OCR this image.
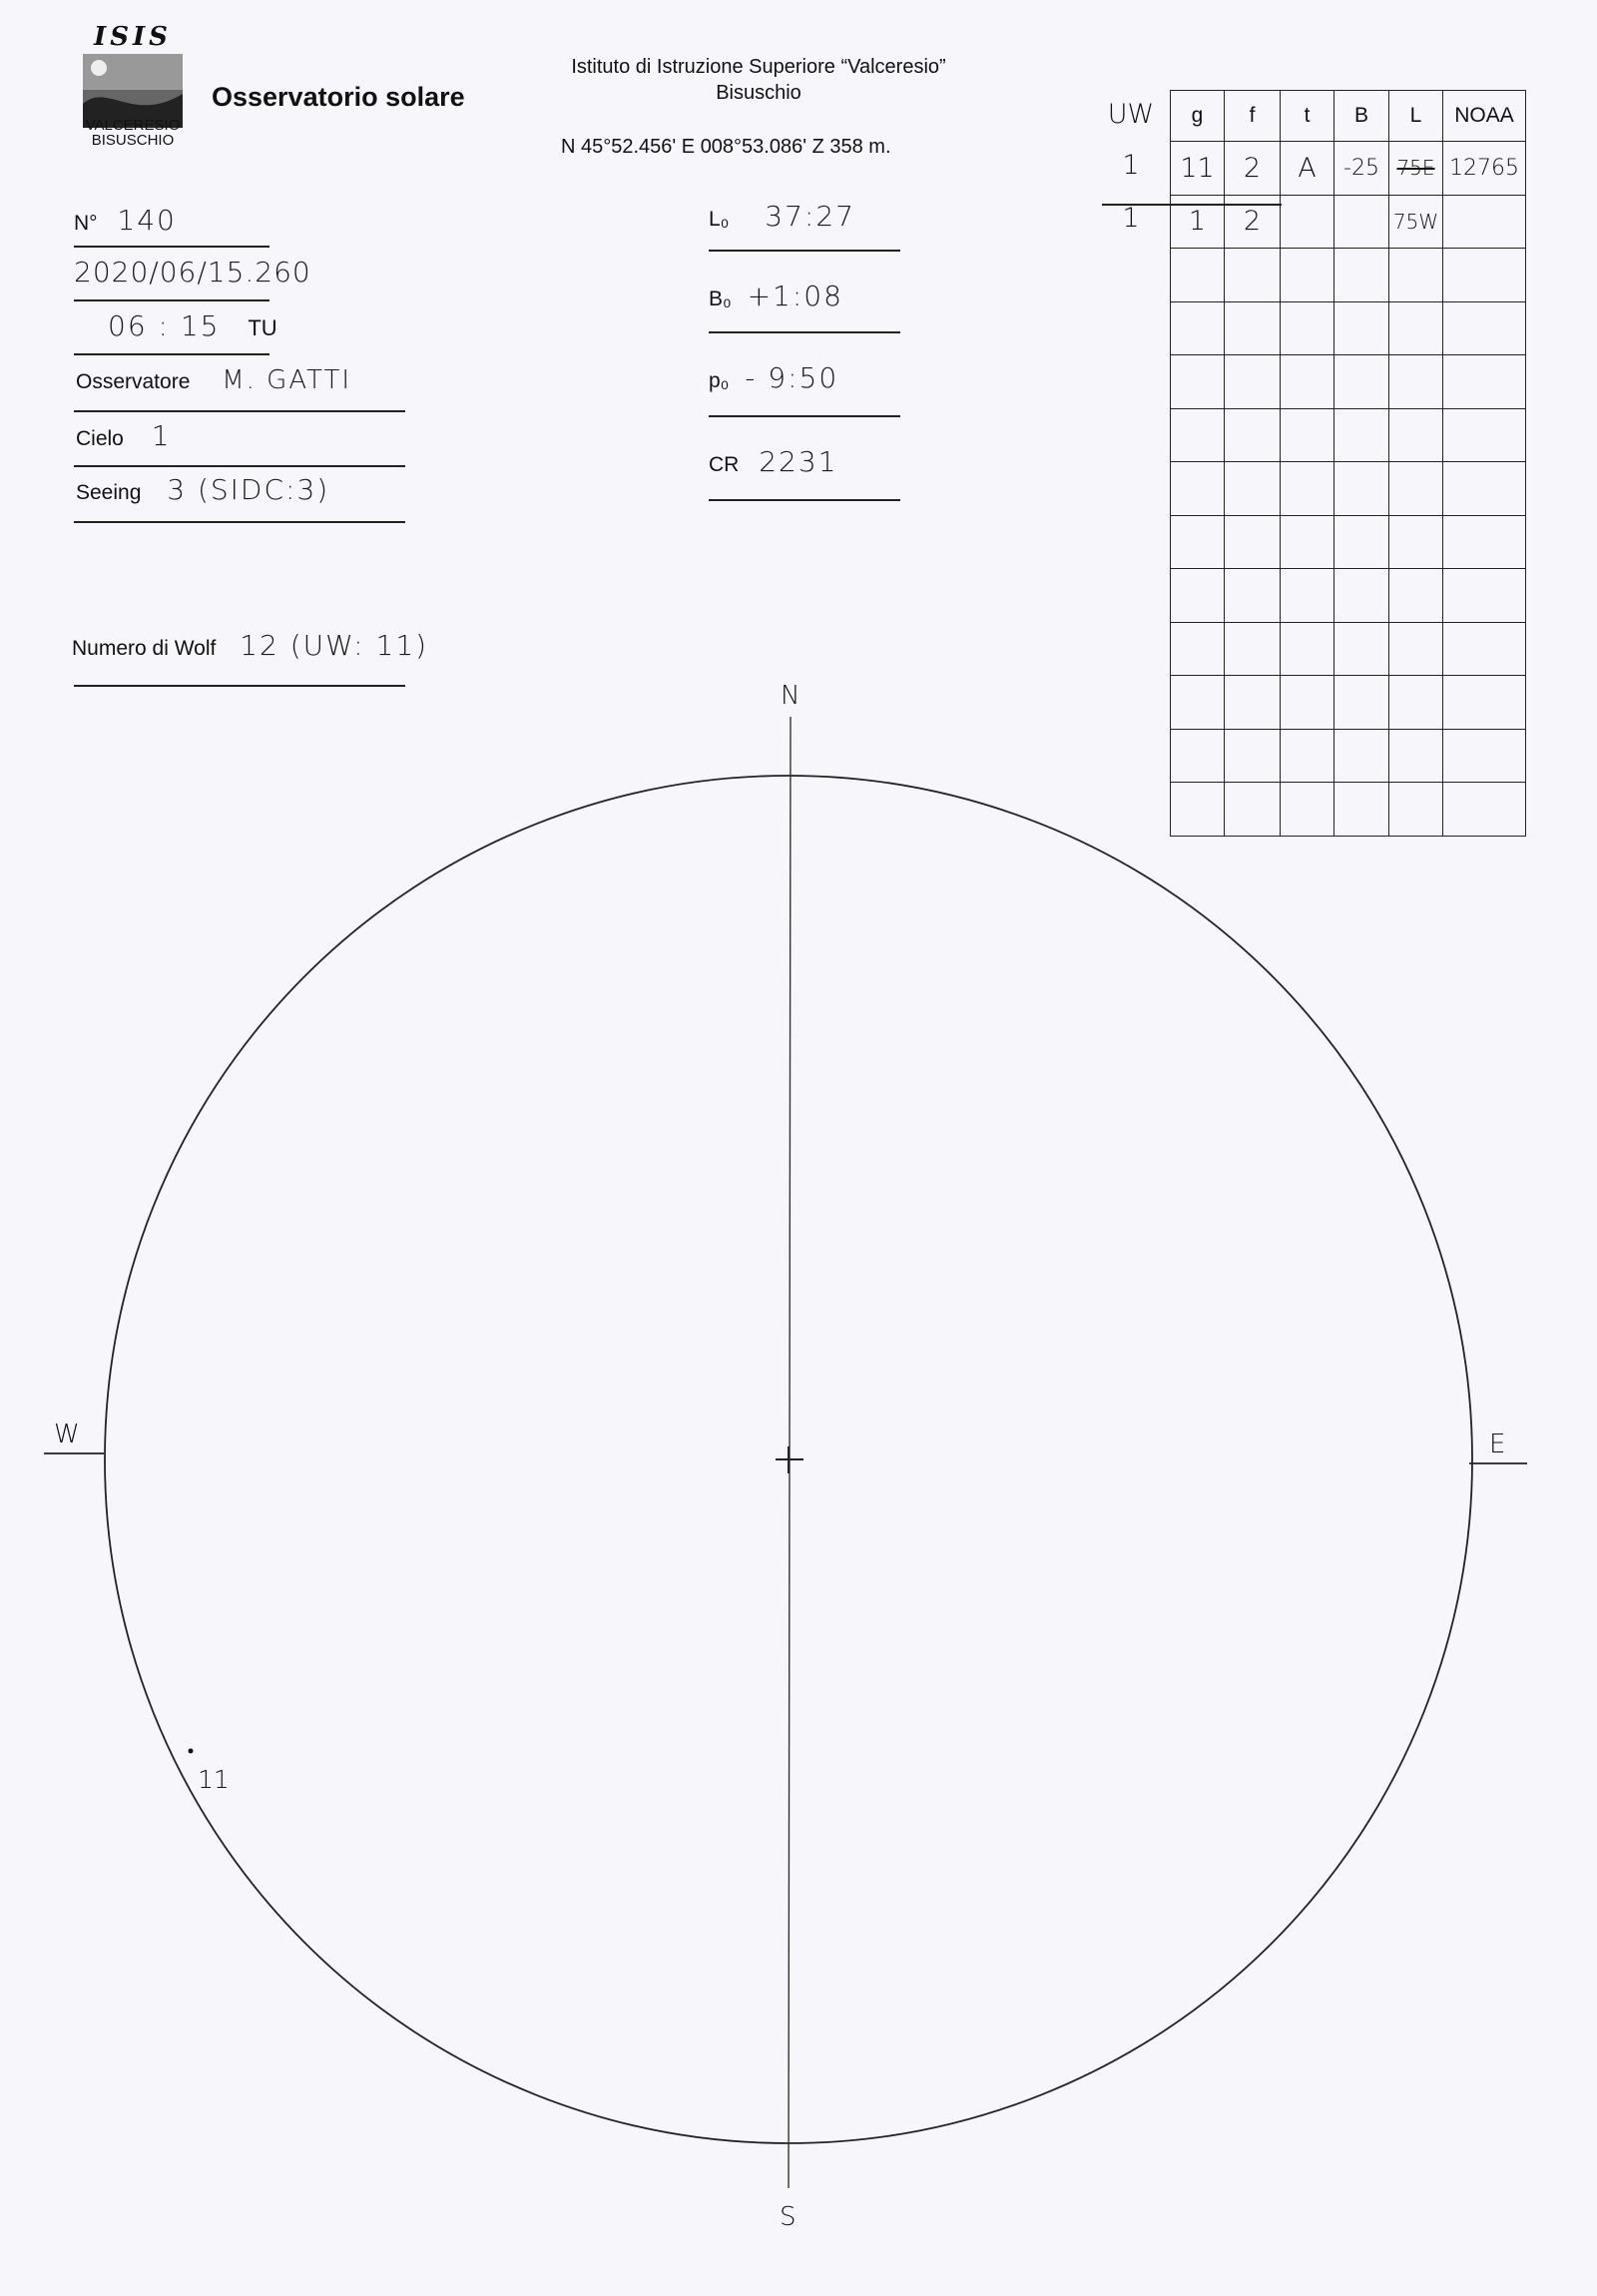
ISIS
VALCERESIO
BISUSCHIO
Osservatorio solare
Istituto di Istruzione Superiore “Valceresio”
Bisuschio
N 45°52.456' E 008°53.086' Z 358 m.
N° 140
2020/06/15.260
06 : 15 TU
Osservatore M. GATTI
Cielo 1
Seeing 3 (SIDC:3)
Numero di Wolf 12 (UW: 11)
L₀ 37:27
B₀ +1:08
p₀ - 9:50
CR 2231
UW
1
1
g	f	t	B	L	NOAA
11	2	A	-25	75E	12765
1	2			75W	

N
S
E
W
11
